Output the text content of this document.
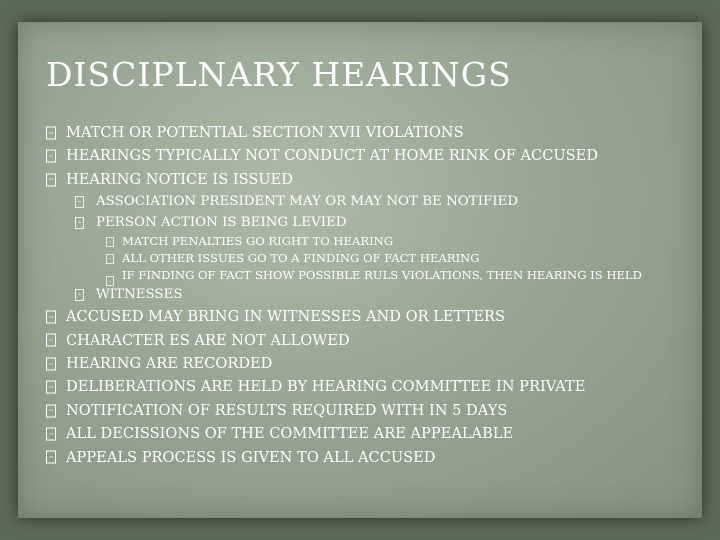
DISCIPLNARY HEARINGS
MATCH OR POTENTIAL SECTION XVII VIOLATIONS
HEARINGS TYPICALLY NOT CONDUCT AT HOME RINK OF ACCUSED
HEARING NOTICE IS ISSUED
ASSOCIATION PRESIDENT MAY OR MAY NOT BE NOTIFIED
PERSON ACTION IS BEING LEVIED
MATCH PENALTIES GO RIGHT TO HEARING
ALL OTHER ISSUES GO TO A FINDING OF FACT HEARING
IF FINDING OF FACT SHOW POSSIBLE RULS VIOLATIONS, THEN HEARING IS HELD
WITNESSES
ACCUSED MAY BRING IN WITNESSES AND OR LETTERS
CHARACTER ES ARE NOT ALLOWED
HEARING ARE RECORDED
DELIBERATIONS ARE HELD BY HEARING COMMITTEE IN PRIVATE
NOTIFICATION OF RESULTS REQUIRED WITH IN 5 DAYS
ALL DECISSIONS OF THE COMMITTEE ARE APPEALABLE
APPEALS PROCESS IS GIVEN TO ALL ACCUSED
